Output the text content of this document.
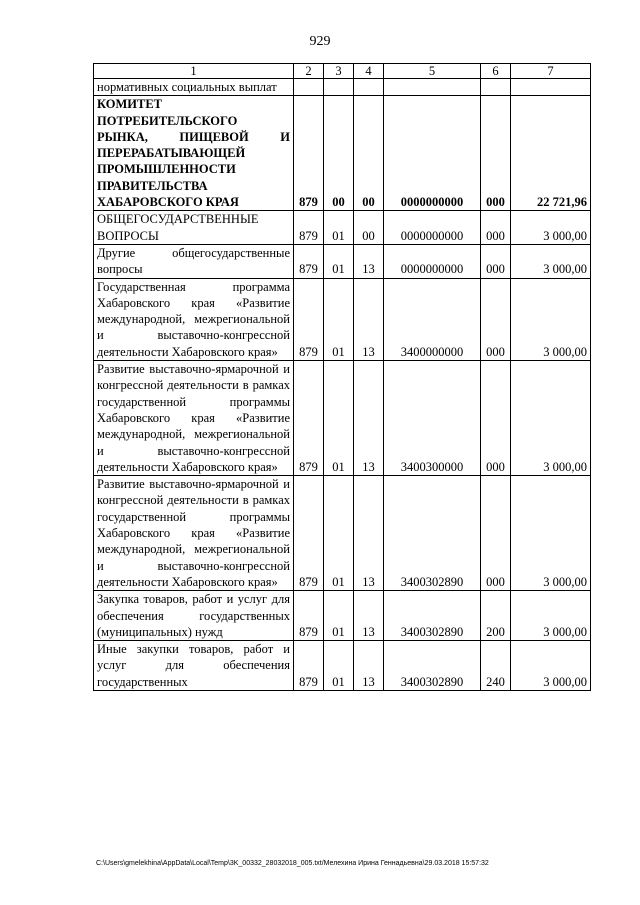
929
1	2	3	4	5	6	7
нормативных социальных выплат						
КОМИТЕТ ПОТРЕБИТЕЛЬСКОГО РЫНКА, ПИЩЕВОЙ И ПЕРЕРАБАТЫВАЮЩЕЙ ПРОМЫШЛЕННОСТИ ПРАВИТЕЛЬСТВА ХАБАРОВСКОГО КРАЯ	879	00	00	0000000000	000	22 721,96
ОБЩЕГОСУДАРСТВЕННЫЕ ВОПРОСЫ	879	01	00	0000000000	000	3 000,00
Другие общегосударственные вопросы	879	01	13	0000000000	000	3 000,00
Государственная программа Хабаровского края «Развитие международной, межрегиональной и выставочно-конгрессной деятельности Хабаровского края»	879	01	13	3400000000	000	3 000,00
Развитие выставочно-ярмарочной и конгрессной деятельности в рамках государственной программы Хабаровского края «Развитие международной, межрегиональной и выставочно-конгрессной деятельности Хабаровского края»	879	01	13	3400300000	000	3 000,00
Развитие выставочно-ярмарочной и конгрессной деятельности в рамках государственной программы Хабаровского края «Развитие международной, межрегиональной и выставочно-конгрессной деятельности Хабаровского края»	879	01	13	3400302890	000	3 000,00
Закупка товаров, работ и услуг для обеспечения государственных (муниципальных) нужд	879	01	13	3400302890	200	3 000,00
Иные закупки товаров, работ и услуг для обеспечения государственных	879	01	13	3400302890	240	3 000,00
C:\Users\gmelekhina\AppData\Local\Temp\3K_00332_28032018_005.txt/Мелехина Ирина Геннадьевна\29.03.2018 15:57:32
